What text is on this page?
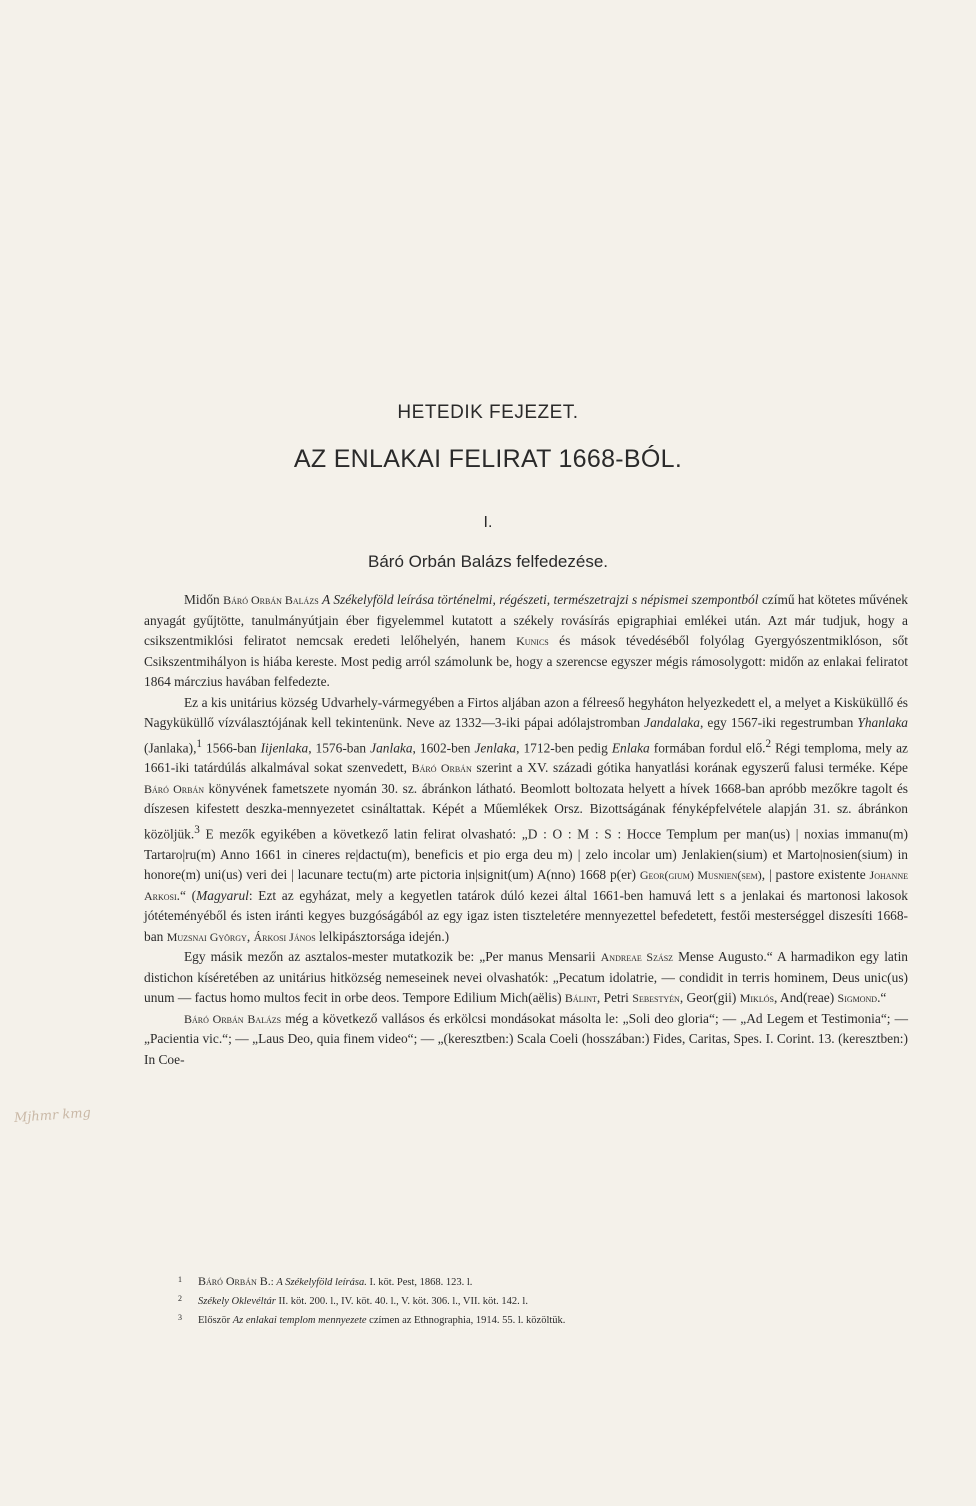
Mjhmr kmg
HETEDIK FEJEZET.
AZ ENLAKAI FELIRAT 1668-BÓL.
I.
Báró Orbán Balázs felfedezése.

Midőn Báró Orbán Balázs A Székelyföld leírása történelmi, régészeti, természetrajzi s népismei szempontból czímű hat kötetes művének anyagát gyűjtötte, tanulmányútjain éber figyelemmel kutatott a székely rovásírás epigraphiai emlékei után. Azt már tudjuk, hogy a csikszentmiklósi feliratot nemcsak eredeti lelőhelyén, hanem Kunics és mások tévedéséből folyólag Gyergyószentmiklóson, sőt Csikszentmihályon is hiába kereste. Most pedig arról számolunk be, hogy a szerencse egyszer mégis rámosolygott: midőn az enlakai feliratot 1864 márczius havában felfedezte.

Ez a kis unitárius község Udvarhely-vármegyében a Firtos aljában azon a félreeső hegyháton helyezkedett el, a melyet a Kisküküllő és Nagyküküllő vízválasztójának kell tekintenünk. Neve az 1332—3-iki pápai adólajstromban Jandalaka, egy 1567-iki regestrumban Yhanlaka (Janlaka),$^1$ 1566-ban Iijenlaka, 1576-ban Janlaka, 1602-ben Jenlaka, 1712-ben pedig Enlaka formában fordul elő.$^2$ Régi temploma, mely az 1661-iki tatárdúlás alkalmával sokat szenvedett, Báró Orbán szerint a XV. századi gótika hanyatlási korának egyszerű falusi terméke. Képe Báró Orbán könyvének fametszete nyomán 30. sz. ábránkon látható. Beomlott boltozata helyett a hívek 1668-ban apróbb mezőkre tagolt és díszesen kifestett deszka-mennyezetet csináltattak. Képét a Műemlékek Orsz. Bizottságának fényképfelvétele alapján 31. sz. ábránkon közöljük.$^3$ E mezők egyikében a következő latin felirat olvasható: „D : O : M : S : Hocce Templum per man(us) | noxias immanu(m) Tartaro|ru(m) Anno 1661 in cineres re|dactu(m), beneficis et pio erga deu m) | zelo incolar um) Jenlakien(sium) et Marto|nosien(sium) in honore(m) uni(us) veri dei | lacunare tectu(m) arte pictoria in|signit(um) A(nno) 1668 p(er) Geor(gium) Musnien(sem), | pastore existente Johanne Arkosi.“ (Magyarul: Ezt az egyházat, mely a kegyetlen tatárok dúló kezei által 1661-ben hamuvá lett s a jenlakai és martonosi lakosok jótéteményéből és isten iránti kegyes buzgóságából az egy igaz isten tiszteletére mennyezettel befedetett, festői mesterséggel diszesíti 1668-ban Muzsnai György, Árkosi János lelkipásztorsága idején.)

Egy másik mezőn az asztalos-mester mutatkozik be: „Per manus Mensarii Andreae Szász Mense Augusto.“ A harmadikon egy latin distichon kíséretében az unitárius hitközség nemeseinek nevei olvashatók: „Pecatum idolatrie, — condidit in terris hominem, Deus unic(us) unum — factus homo multos fecit in orbe deos. Tempore Edilium Mich(aëlis) Bálint, Petri Sebestyén, Geor(gii) Miklós, And(reae) Sigmond.“

Báró Orbán Balázs még a következő vallásos és erkölcsi mondásokat másolta le: „Soli deo gloria“; — „Ad Legem et Testimonia“; — „Pacientia vic.“; — „Laus Deo, quia finem video“; — „(keresztben:) Scala Coeli (hosszában:) Fides, Caritas, Spes. I. Corint. 13. (keresztben:) In Coe-

1 Báró Orbán B.: A Székelyföld leírása. I. köt. Pest, 1868. 123. l.
2 Székely Oklevéltár II. köt. 200. l., IV. köt. 40. l., V. köt. 306. l., VII. köt. 142. l.
3 Először Az enlakai templom mennyezete czímen az Ethnographia, 1914. 55. l. közöltük.
